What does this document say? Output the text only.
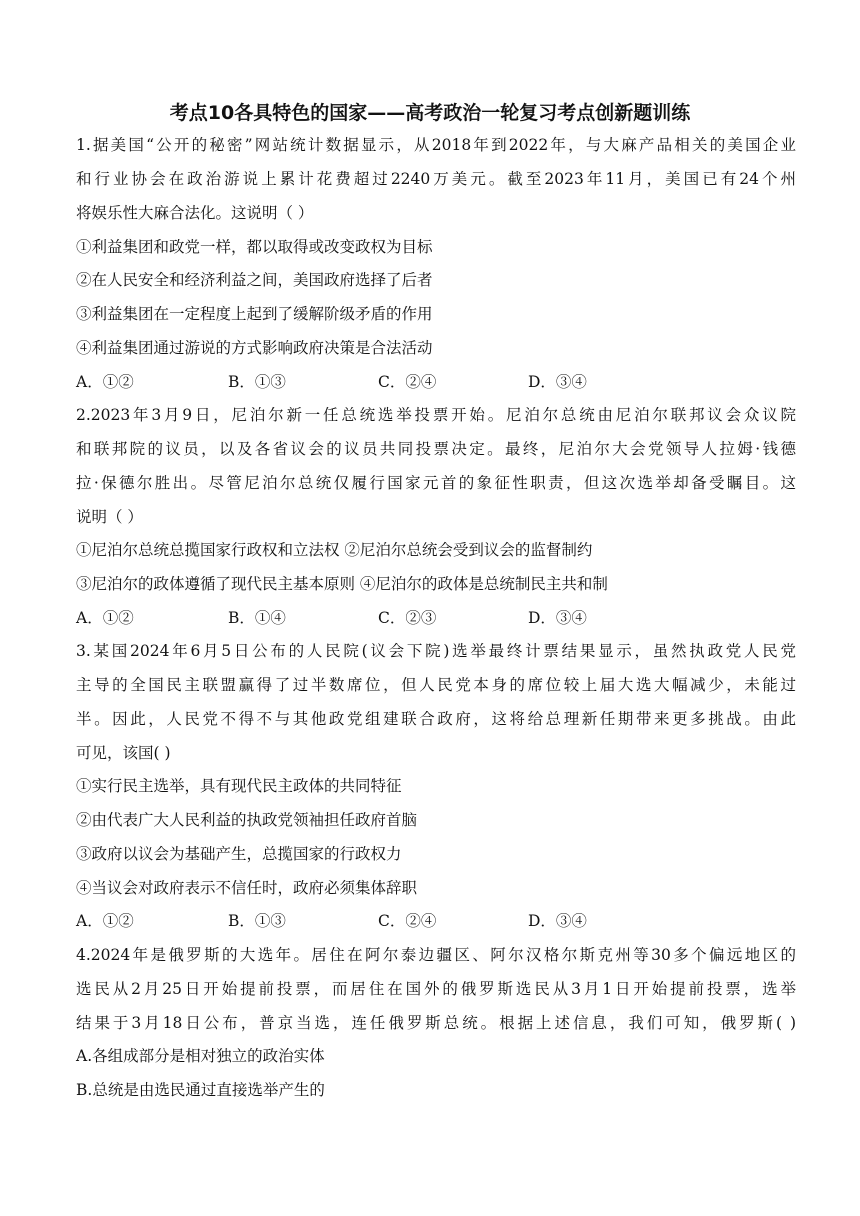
考点10各具特色的国家——高考政治一轮复习考点创新题训练
1.据美国“公开的秘密”网站统计数据显示，从2018年到2022年，与大麻产品相关的美国企业
和行业协会在政治游说上累计花费超过2240万美元。截至2023年11月，美国已有24个州
将娱乐性大麻合法化。这说明（ ）
①利益集团和政党一样，都以取得或改变政权为目标
②在人民安全和经济利益之间，美国政府选择了后者
③利益集团在一定程度上起到了缓解阶级矛盾的作用
④利益集团通过游说的方式影响政府决策是合法活动
A．①②	B．①③	C．②④	D．③④
2.2023年3月9日，尼泊尔新一任总统选举投票开始。尼泊尔总统由尼泊尔联邦议会众议院
和联邦院的议员，以及各省议会的议员共同投票决定。最终，尼泊尔大会党领导人拉姆·钱德
拉·保德尔胜出。尽管尼泊尔总统仅履行国家元首的象征性职责，但这次选举却备受瞩目。这
说明（ ）
①尼泊尔总统总揽国家行政权和立法权 ②尼泊尔总统会受到议会的监督制约
③尼泊尔的政体遵循了现代民主基本原则 ④尼泊尔的政体是总统制民主共和制
A．①②	B．①④	C．②③	D．③④
3.某国2024年6月5日公布的人民院(议会下院)选举最终计票结果显示，虽然执政党人民党
主导的全国民主联盟赢得了过半数席位，但人民党本身的席位较上届大选大幅减少，未能过
半。因此，人民党不得不与其他政党组建联合政府，这将给总理新任期带来更多挑战。由此
可见，该国( )
①实行民主选举，具有现代民主政体的共同特征
②由代表广大人民利益的执政党领袖担任政府首脑
③政府以议会为基础产生，总揽国家的行政权力
④当议会对政府表示不信任时，政府必须集体辞职
A．①②	B．①③	C．②④	D．③④
4.2024年是俄罗斯的大选年。居住在阿尔泰边疆区、阿尔汉格尔斯克州等30多个偏远地区的
选民从2月25日开始提前投票，而居住在国外的俄罗斯选民从3月1日开始提前投票，选举
结果于3月18日公布，普京当选，连任俄罗斯总统。根据上述信息，我们可知，俄罗斯( )
A.各组成部分是相对独立的政治实体
B.总统是由选民通过直接选举产生的
